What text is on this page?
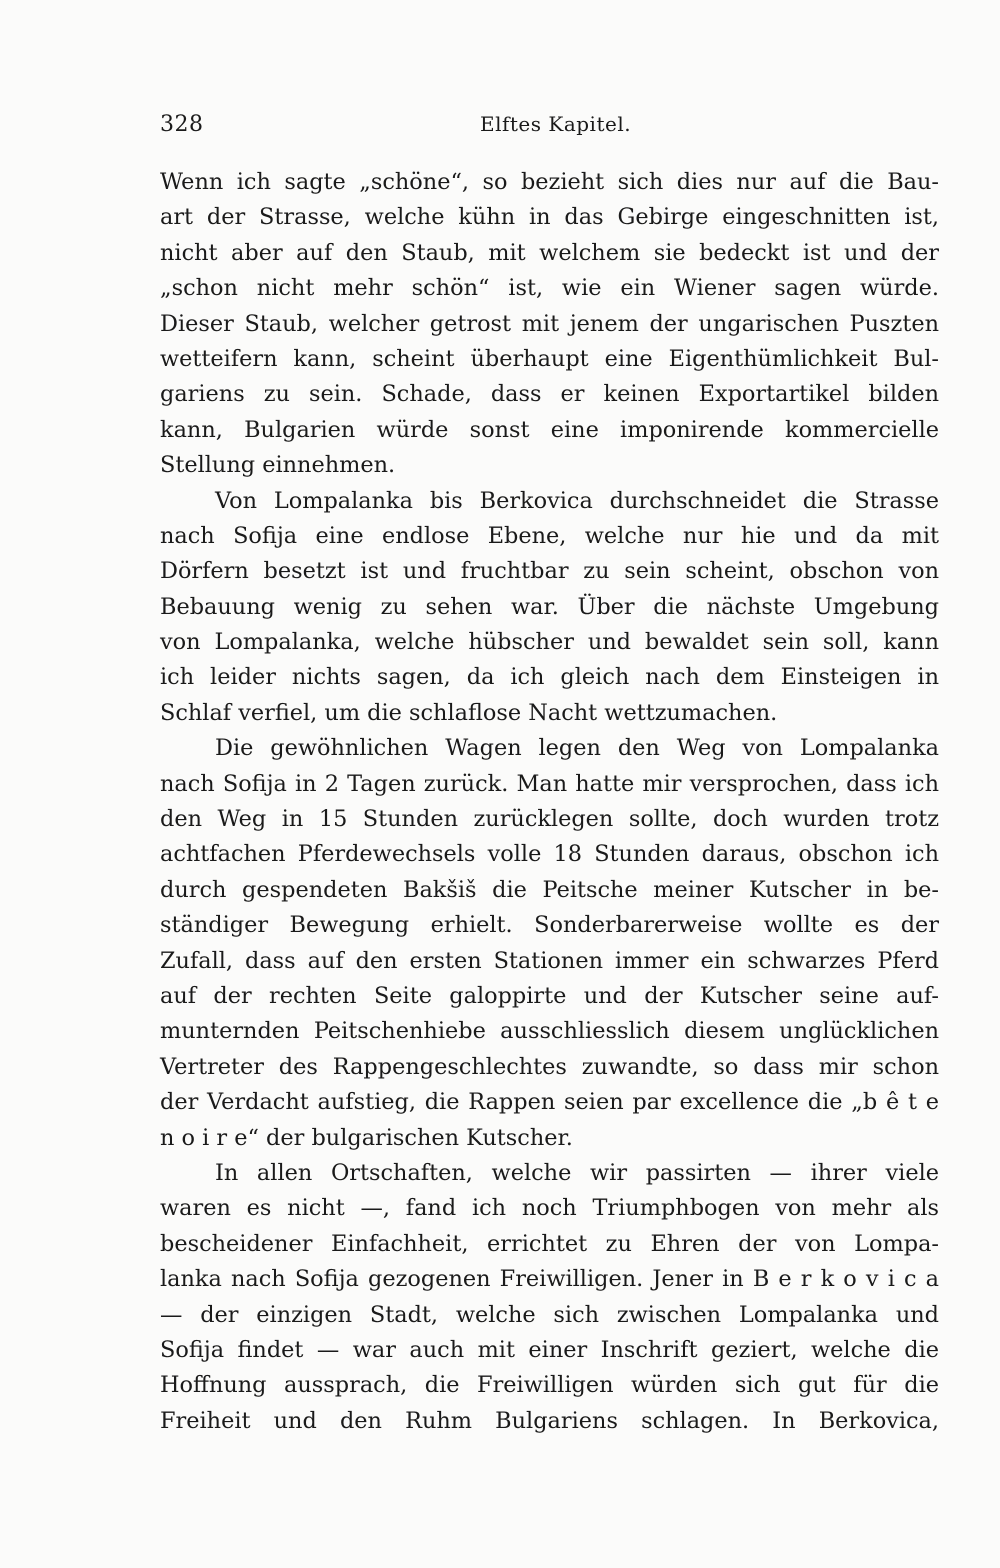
328	Elftes Kapitel.
Wenn ich sagte „schöne“, so bezieht sich dies nur auf die Bau-
art der Strasse, welche kühn in das Gebirge eingeschnitten ist,
nicht aber auf den Staub, mit welchem sie bedeckt ist und der
„schon nicht mehr schön“ ist, wie ein Wiener sagen würde.
Dieser Staub, welcher getrost mit jenem der ungarischen Puszten
wetteifern kann, scheint überhaupt eine Eigenthümlichkeit Bul-
gariens zu sein. Schade, dass er keinen Exportartikel bilden
kann, Bulgarien würde sonst eine imponirende kommercielle
Stellung einnehmen.
Von Lompalanka bis Berkovica durchschneidet die Strasse
nach Sofija eine endlose Ebene, welche nur hie und da mit
Dörfern besetzt ist und fruchtbar zu sein scheint, obschon von
Bebauung wenig zu sehen war. Über die nächste Umgebung
von Lompalanka, welche hübscher und bewaldet sein soll, kann
ich leider nichts sagen, da ich gleich nach dem Einsteigen in
Schlaf verfiel, um die schlaflose Nacht wettzumachen.
Die gewöhnlichen Wagen legen den Weg von Lompalanka
nach Sofija in 2 Tagen zurück. Man hatte mir versprochen, dass ich
den Weg in 15 Stunden zurücklegen sollte, doch wurden trotz
achtfachen Pferdewechsels volle 18 Stunden daraus, obschon ich
durch gespendeten Bakšiš die Peitsche meiner Kutscher in be-
ständiger Bewegung erhielt. Sonderbarerweise wollte es der
Zufall, dass auf den ersten Stationen immer ein schwarzes Pferd
auf der rechten Seite galoppirte und der Kutscher seine auf-
munternden Peitschenhiebe ausschliesslich diesem unglücklichen
Vertreter des Rappengeschlechtes zuwandte, so dass mir schon
der Verdacht aufstieg, die Rappen seien par excellence die „b ê t e
n o i r e“ der bulgarischen Kutscher.
In allen Ortschaften, welche wir passirten — ihrer viele
waren es nicht —, fand ich noch Triumphbogen von mehr als
bescheidener Einfachheit, errichtet zu Ehren der von Lompa-
lanka nach Sofija gezogenen Freiwilligen. Jener in B e r k o v i c a
— der einzigen Stadt, welche sich zwischen Lompalanka und
Sofija findet — war auch mit einer Inschrift geziert, welche die
Hoffnung aussprach, die Freiwilligen würden sich gut für die
Freiheit und den Ruhm Bulgariens schlagen. In Berkovica,
